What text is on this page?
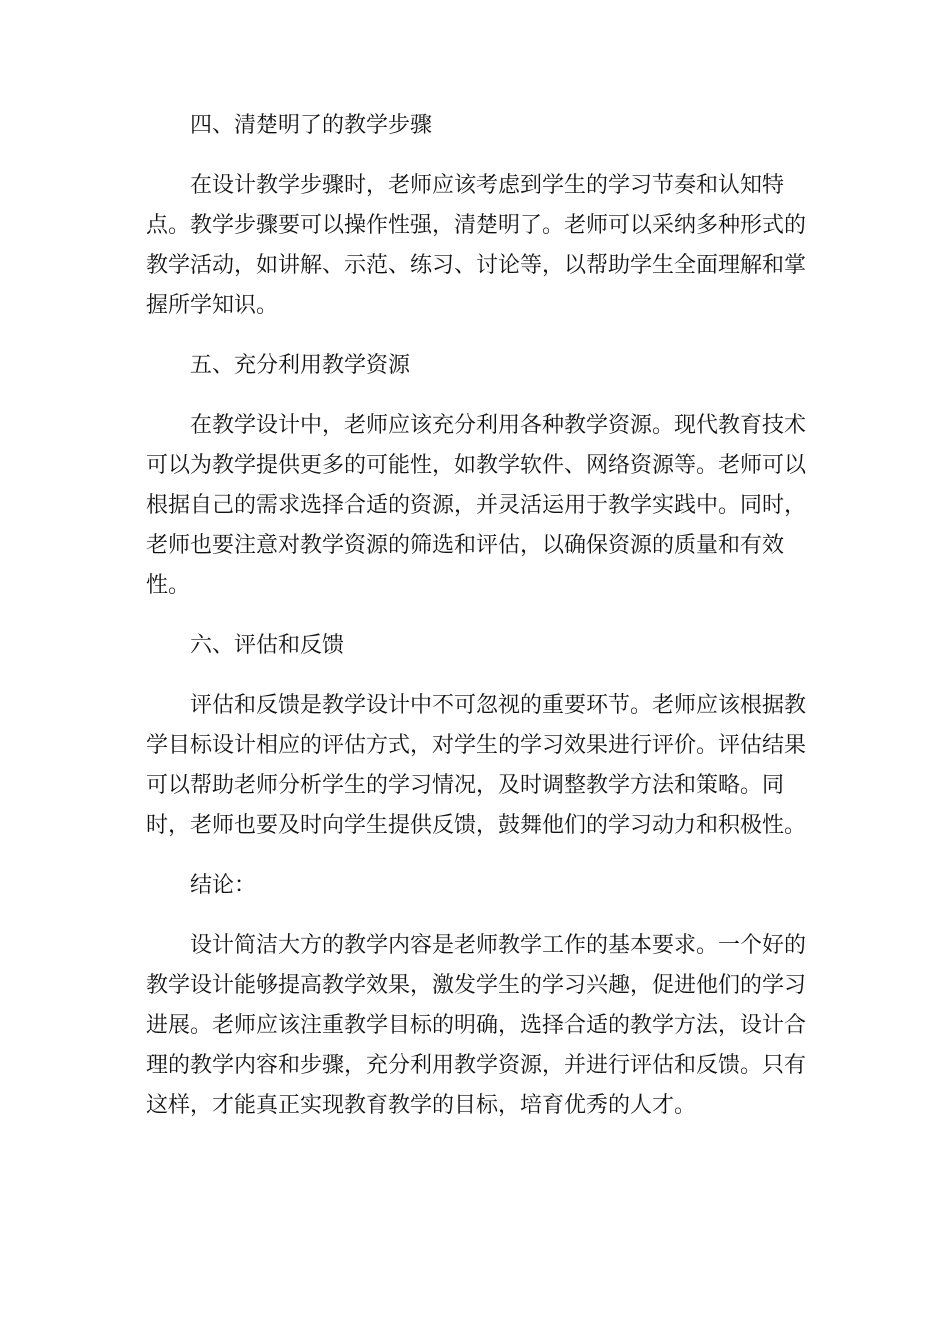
四、清楚明了的教学步骤

在设计教学步骤时，老师应该考虑到学生的学习节奏和认知特点。教学步骤要可以操作性强，清楚明了。老师可以采纳多种形式的教学活动，如讲解、示范、练习、讨论等，以帮助学生全面理解和掌握所学知识。

五、充分利用教学资源

在教学设计中，老师应该充分利用各种教学资源。现代教育技术可以为教学提供更多的可能性，如教学软件、网络资源等。老师可以根据自己的需求选择合适的资源，并灵活运用于教学实践中。同时，老师也要注意对教学资源的筛选和评估，以确保资源的质量和有效性。

六、评估和反馈

评估和反馈是教学设计中不可忽视的重要环节。老师应该根据教学目标设计相应的评估方式，对学生的学习效果进行评价。评估结果可以帮助老师分析学生的学习情况，及时调整教学方法和策略。同时，老师也要及时向学生提供反馈，鼓舞他们的学习动力和积极性。

结论：

设计简洁大方的教学内容是老师教学工作的基本要求。一个好的教学设计能够提高教学效果，激发学生的学习兴趣，促进他们的学习进展。老师应该注重教学目标的明确，选择合适的教学方法，设计合理的教学内容和步骤，充分利用教学资源，并进行评估和反馈。只有这样，才能真正实现教育教学的目标，培育优秀的人才。
